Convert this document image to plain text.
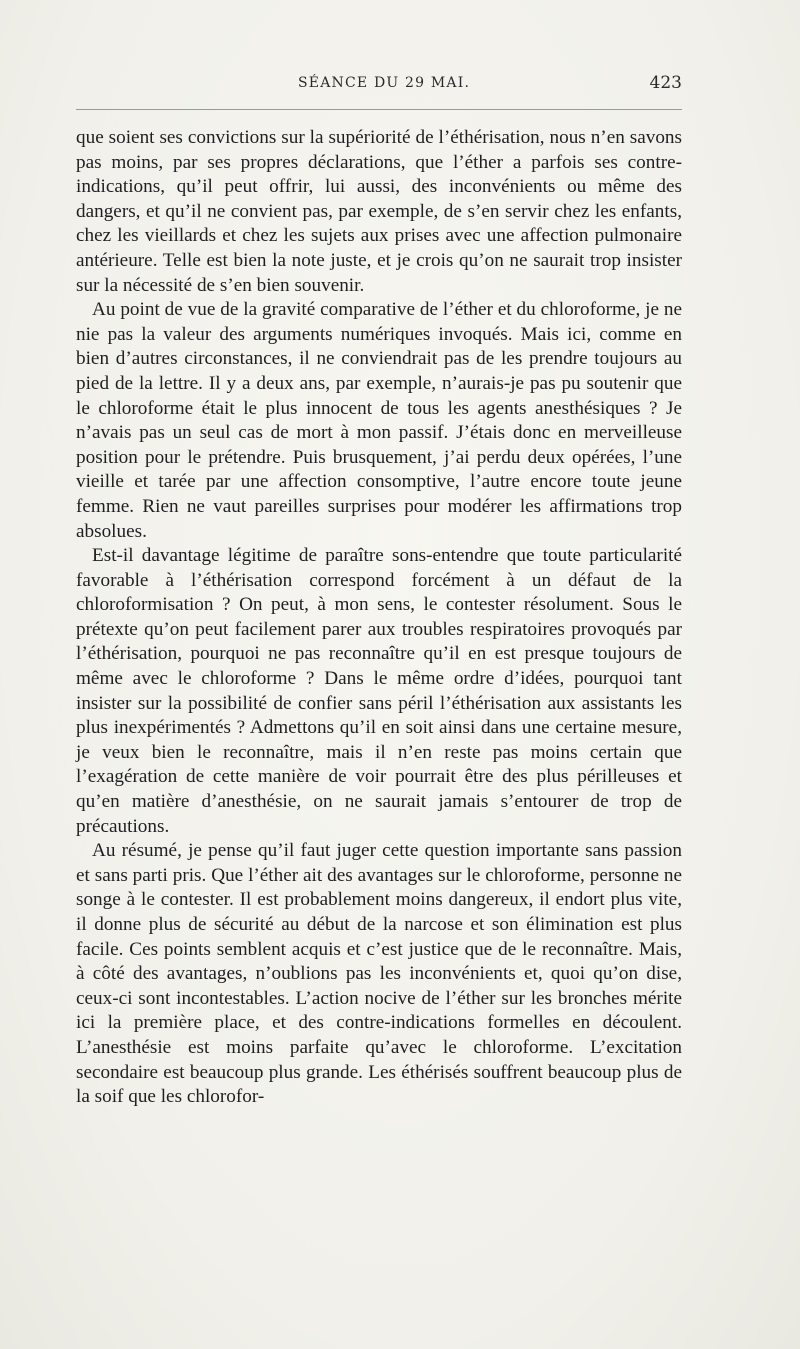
SÉANCE DU 29 MAI.	423

que soient ses convictions sur la supériorité de l’éthérisation, nous n’en savons pas moins, par ses propres déclarations, que l’éther a parfois ses contre-indications, qu’il peut offrir, lui aussi, des inconvénients ou même des dangers, et qu’il ne convient pas, par exemple, de s’en servir chez les enfants, chez les vieillards et chez les sujets aux prises avec une affection pulmonaire antérieure. Telle est bien la note juste, et je crois qu’on ne saurait trop insister sur la nécessité de s’en bien souvenir.

Au point de vue de la gravité comparative de l’éther et du chloroforme, je ne nie pas la valeur des arguments numériques invoqués. Mais ici, comme en bien d’autres circonstances, il ne conviendrait pas de les prendre toujours au pied de la lettre. Il y a deux ans, par exemple, n’aurais-je pas pu soutenir que le chloroforme était le plus innocent de tous les agents anesthésiques ? Je n’avais pas un seul cas de mort à mon passif. J’étais donc en merveilleuse position pour le prétendre. Puis brusquement, j’ai perdu deux opérées, l’une vieille et tarée par une affection consomptive, l’autre encore toute jeune femme. Rien ne vaut pareilles surprises pour modérer les affirmations trop absolues.

Est-il davantage légitime de paraître sons-entendre que toute particularité favorable à l’éthérisation correspond forcément à un défaut de la chloroformisation ? On peut, à mon sens, le contester résolument. Sous le prétexte qu’on peut facilement parer aux troubles respiratoires provoqués par l’éthérisation, pourquoi ne pas reconnaître qu’il en est presque toujours de même avec le chloroforme ? Dans le même ordre d’idées, pourquoi tant insister sur la possibilité de confier sans péril l’éthérisation aux assistants les plus inexpérimentés ? Admettons qu’il en soit ainsi dans une certaine mesure, je veux bien le reconnaître, mais il n’en reste pas moins certain que l’exagération de cette manière de voir pourrait être des plus périlleuses et qu’en matière d’anesthésie, on ne saurait jamais s’entourer de trop de précautions.

Au résumé, je pense qu’il faut juger cette question importante sans passion et sans parti pris. Que l’éther ait des avantages sur le chloroforme, personne ne songe à le contester. Il est probablement moins dangereux, il endort plus vite, il donne plus de sécurité au début de la narcose et son élimination est plus facile. Ces points semblent acquis et c’est justice que de le reconnaître. Mais, à côté des avantages, n’oublions pas les inconvénients et, quoi qu’on dise, ceux-ci sont incontestables. L’action nocive de l’éther sur les bronches mérite ici la première place, et des contre-indications formelles en découlent. L’anesthésie est moins parfaite qu’avec le chloroforme. L’excitation secondaire est beaucoup plus grande. Les éthérisés souffrent beaucoup plus de la soif que les chlorofor-
